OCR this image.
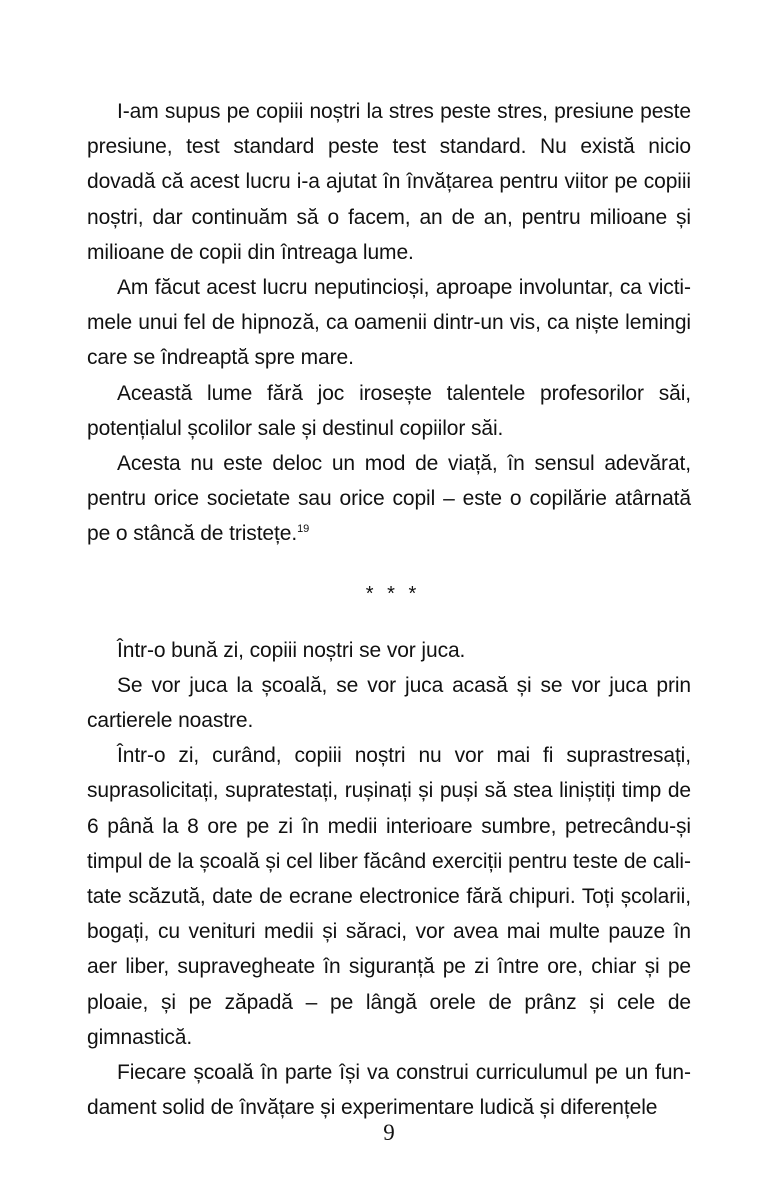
I-am supus pe copiii noștri la stres peste stres, presiune peste presiune, test standard peste test standard. Nu există nicio dovadă că acest lucru i-a ajutat în învățarea pentru viitor pe copiii noștri, dar continuăm să o facem, an de an, pentru milioane și milioane de copii din întreaga lume.

Am făcut acest lucru neputincioși, aproape involuntar, ca victimele unui fel de hipnoză, ca oamenii dintr-un vis, ca niște lemingi care se îndreaptă spre mare.

Această lume fără joc irosește talentele profesorilor săi, potențialul școlilor sale și destinul copiilor săi.

Acesta nu este deloc un mod de viață, în sensul adevărat, pentru orice societate sau orice copil – este o copilărie atârnată pe o stâncă de tristețe.$^{19}$

* * *

Într-o bună zi, copiii noștri se vor juca.

Se vor juca la școală, se vor juca acasă și se vor juca prin cartierele noastre.

Într-o zi, curând, copiii noștri nu vor mai fi suprastresați, suprasolicitați, supratestați, rușinați și puși să stea liniștiți timp de 6 până la 8 ore pe zi în medii interioare sumbre, petrecându-și timpul de la școală și cel liber făcând exerciții pentru teste de calitate scăzută, date de ecrane electronice fără chipuri. Toți școlarii, bogați, cu venituri medii și săraci, vor avea mai multe pauze în aer liber, supravegheate în siguranță pe zi între ore, chiar și pe ploaie, și pe zăpadă – pe lângă orele de prânz și cele de gimnastică.

Fiecare școală în parte își va construi curriculumul pe un fundament solid de învățare și experimentare ludică și diferențele

9
